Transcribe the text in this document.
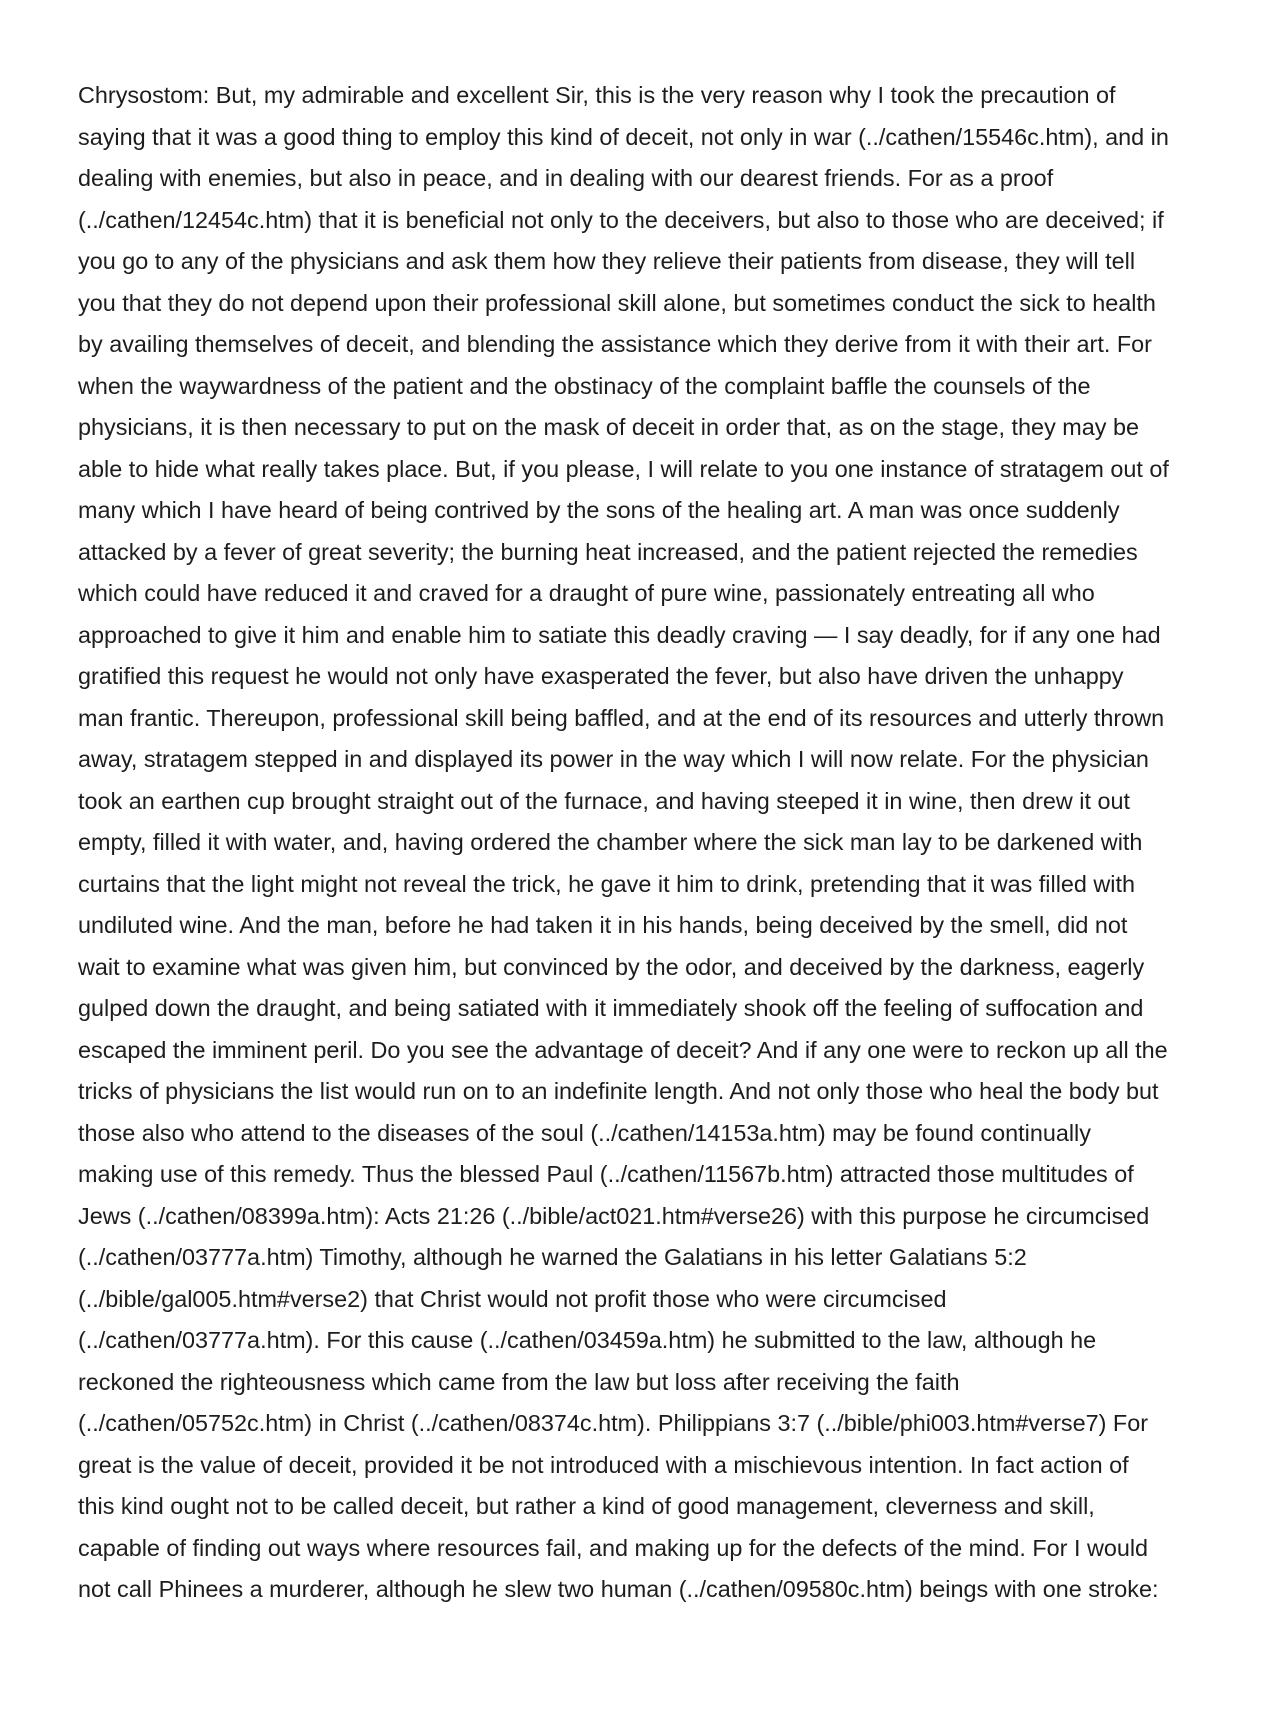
Chrysostom: But, my admirable and excellent Sir, this is the very reason why I took the precaution of
saying that it was a good thing to employ this kind of deceit, not only in war (../cathen/15546c.htm), and in
dealing with enemies, but also in peace, and in dealing with our dearest friends. For as a proof
(../cathen/12454c.htm) that it is beneficial not only to the deceivers, but also to those who are deceived; if
you go to any of the physicians and ask them how they relieve their patients from disease, they will tell
you that they do not depend upon their professional skill alone, but sometimes conduct the sick to health
by availing themselves of deceit, and blending the assistance which they derive from it with their art. For
when the waywardness of the patient and the obstinacy of the complaint baffle the counsels of the
physicians, it is then necessary to put on the mask of deceit in order that, as on the stage, they may be
able to hide what really takes place. But, if you please, I will relate to you one instance of stratagem out of
many which I have heard of being contrived by the sons of the healing art. A man was once suddenly
attacked by a fever of great severity; the burning heat increased, and the patient rejected the remedies
which could have reduced it and craved for a draught of pure wine, passionately entreating all who
approached to give it him and enable him to satiate this deadly craving — I say deadly, for if any one had
gratified this request he would not only have exasperated the fever, but also have driven the unhappy
man frantic. Thereupon, professional skill being baffled, and at the end of its resources and utterly thrown
away, stratagem stepped in and displayed its power in the way which I will now relate. For the physician
took an earthen cup brought straight out of the furnace, and having steeped it in wine, then drew it out
empty, filled it with water, and, having ordered the chamber where the sick man lay to be darkened with
curtains that the light might not reveal the trick, he gave it him to drink, pretending that it was filled with
undiluted wine. And the man, before he had taken it in his hands, being deceived by the smell, did not
wait to examine what was given him, but convinced by the odor, and deceived by the darkness, eagerly
gulped down the draught, and being satiated with it immediately shook off the feeling of suffocation and
escaped the imminent peril. Do you see the advantage of deceit? And if any one were to reckon up all the
tricks of physicians the list would run on to an indefinite length. And not only those who heal the body but
those also who attend to the diseases of the soul (../cathen/14153a.htm) may be found continually
making use of this remedy. Thus the blessed Paul (../cathen/11567b.htm) attracted those multitudes of
Jews (../cathen/08399a.htm): Acts 21:26 (../bible/act021.htm#verse26) with this purpose he circumcised
(../cathen/03777a.htm) Timothy, although he warned the Galatians in his letter Galatians 5:2
(../bible/gal005.htm#verse2) that Christ would not profit those who were circumcised
(../cathen/03777a.htm). For this cause (../cathen/03459a.htm) he submitted to the law, although he
reckoned the righteousness which came from the law but loss after receiving the faith
(../cathen/05752c.htm) in Christ (../cathen/08374c.htm). Philippians 3:7 (../bible/phi003.htm#verse7) For
great is the value of deceit, provided it be not introduced with a mischievous intention. In fact action of
this kind ought not to be called deceit, but rather a kind of good management, cleverness and skill,
capable of finding out ways where resources fail, and making up for the defects of the mind. For I would
not call Phinees a murderer, although he slew two human (../cathen/09580c.htm) beings with one stroke:
